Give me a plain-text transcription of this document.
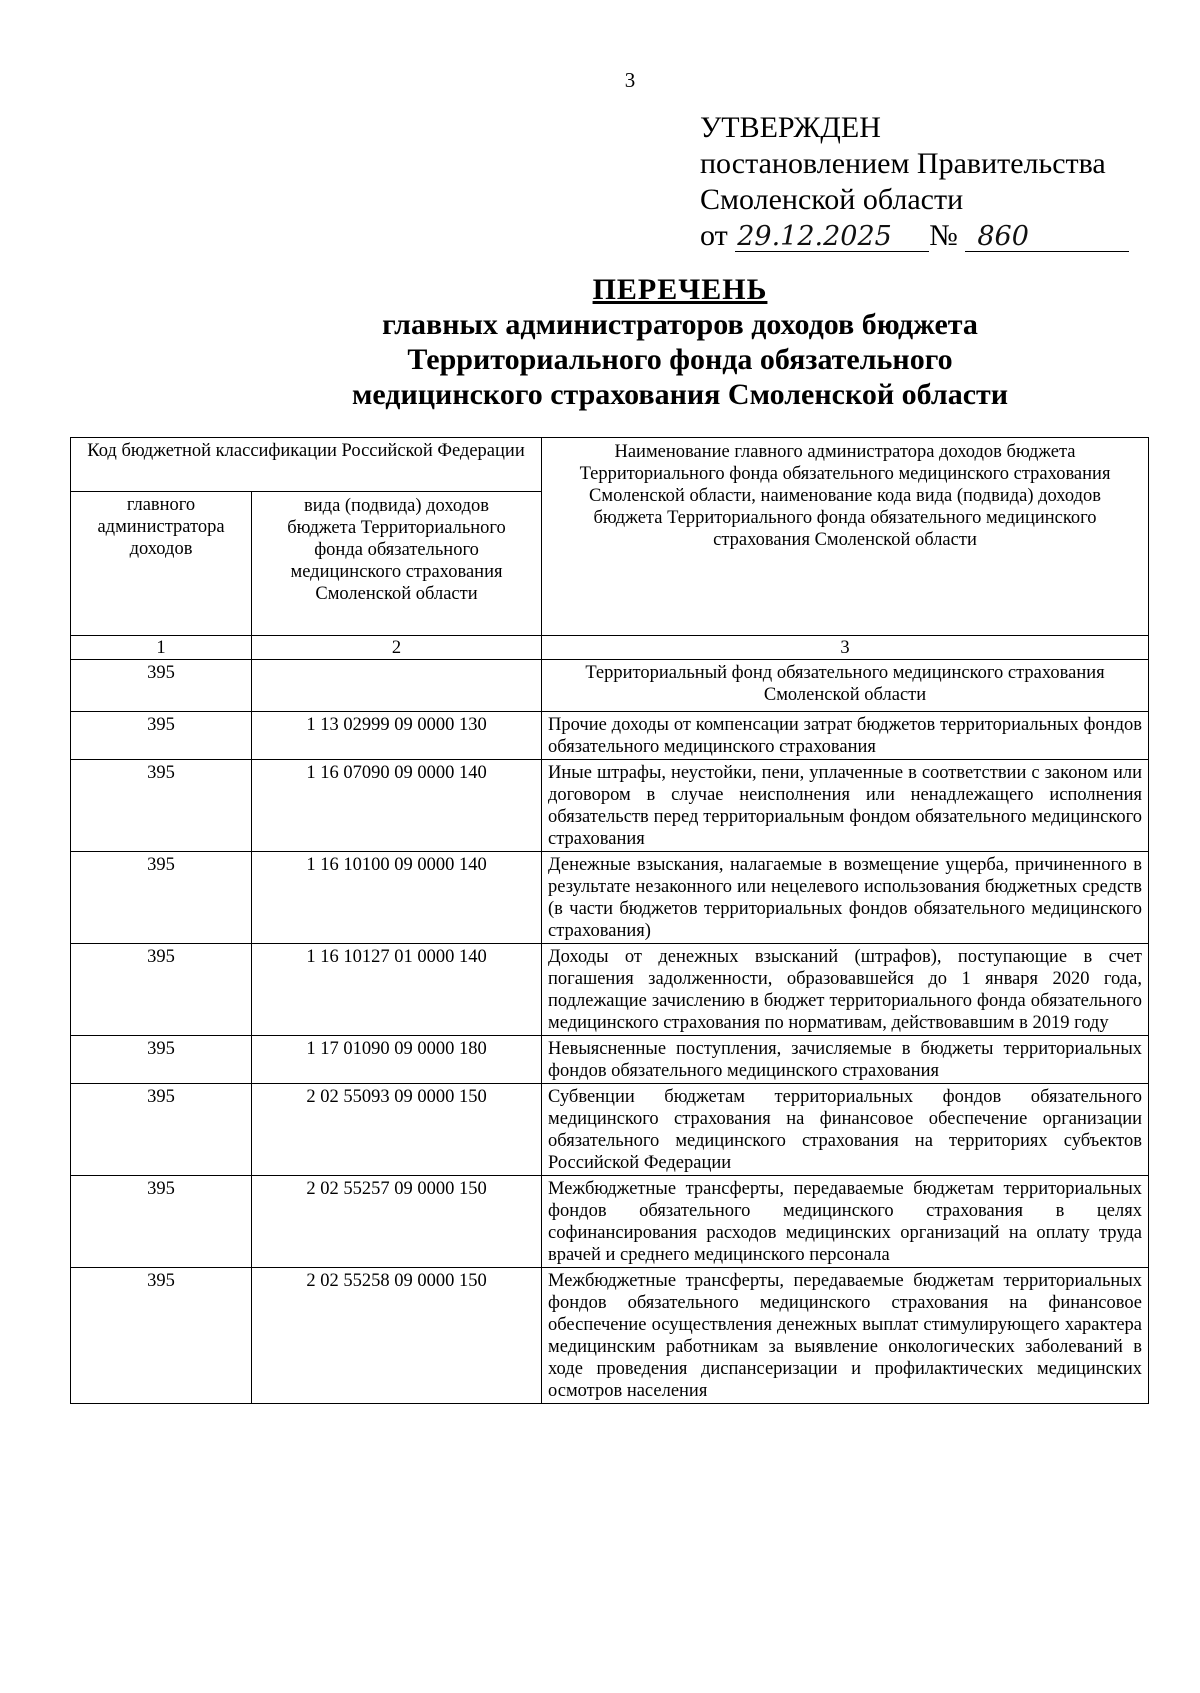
3
УТВЕРЖДЕН
постановлением Правительства
Смоленской области
от 29.12.2025 № 860
ПЕРЕЧЕНЬ
главных администраторов доходов бюджета
Территориального фонда обязательного
медицинского страхования Смоленской области
Код бюджетной классификации Российской Федерации		Наименование главного администратора доходов бюджета Территориального фонда обязательного медицинского страхования Смоленской области, наименование кода вида (подвида) доходов бюджета Территориального фонда обязательного медицинского страхования Смоленской области
главного администратора доходов	вида (подвида) доходов бюджета Территориального фонда обязательного медицинского страхования Смоленской области	
1	2	3
395		Территориальный фонд обязательного медицинского страхования Смоленской области
395	1 13 02999 09 0000 130	Прочие доходы от компенсации затрат бюджетов территориальных фондов обязательного медицинского страхования
395	1 16 07090 09 0000 140	Иные штрафы, неустойки, пени, уплаченные в соответствии с законом или договором в случае неисполнения или ненадлежащего исполнения обязательств перед территориальным фондом обязательного медицинского страхования
395	1 16 10100 09 0000 140	Денежные взыскания, налагаемые в возмещение ущерба, причиненного в результате незаконного или нецелевого использования бюджетных средств (в части бюджетов территориальных фондов обязательного медицинского страхования)
395	1 16 10127 01 0000 140	Доходы от денежных взысканий (штрафов), поступающие в счет погашения задолженности, образовавшейся до 1 января 2020 года, подлежащие зачислению в бюджет территориального фонда обязательного медицинского страхования по нормативам, действовавшим в 2019 году
395	1 17 01090 09 0000 180	Невыясненные поступления, зачисляемые в бюджеты территориальных фондов обязательного медицинского страхования
395	2 02 55093 09 0000 150	Субвенции бюджетам территориальных фондов обязательного медицинского страхования на финансовое обеспечение организации обязательного медицинского страхования на территориях субъектов Российской Федерации
395	2 02 55257 09 0000 150	Межбюджетные трансферты, передаваемые бюджетам территориальных фондов обязательного медицинского страхования в целях софинансирования расходов медицинских организаций на оплату труда врачей и среднего медицинского персонала
395	2 02 55258 09 0000 150	Межбюджетные трансферты, передаваемые бюджетам территориальных фондов обязательного медицинского страхования на финансовое обеспечение осуществления денежных выплат стимулирующего характера медицинским работникам за выявление онкологических заболеваний в ходе проведения диспансеризации и профилактических медицинских осмотров населения
